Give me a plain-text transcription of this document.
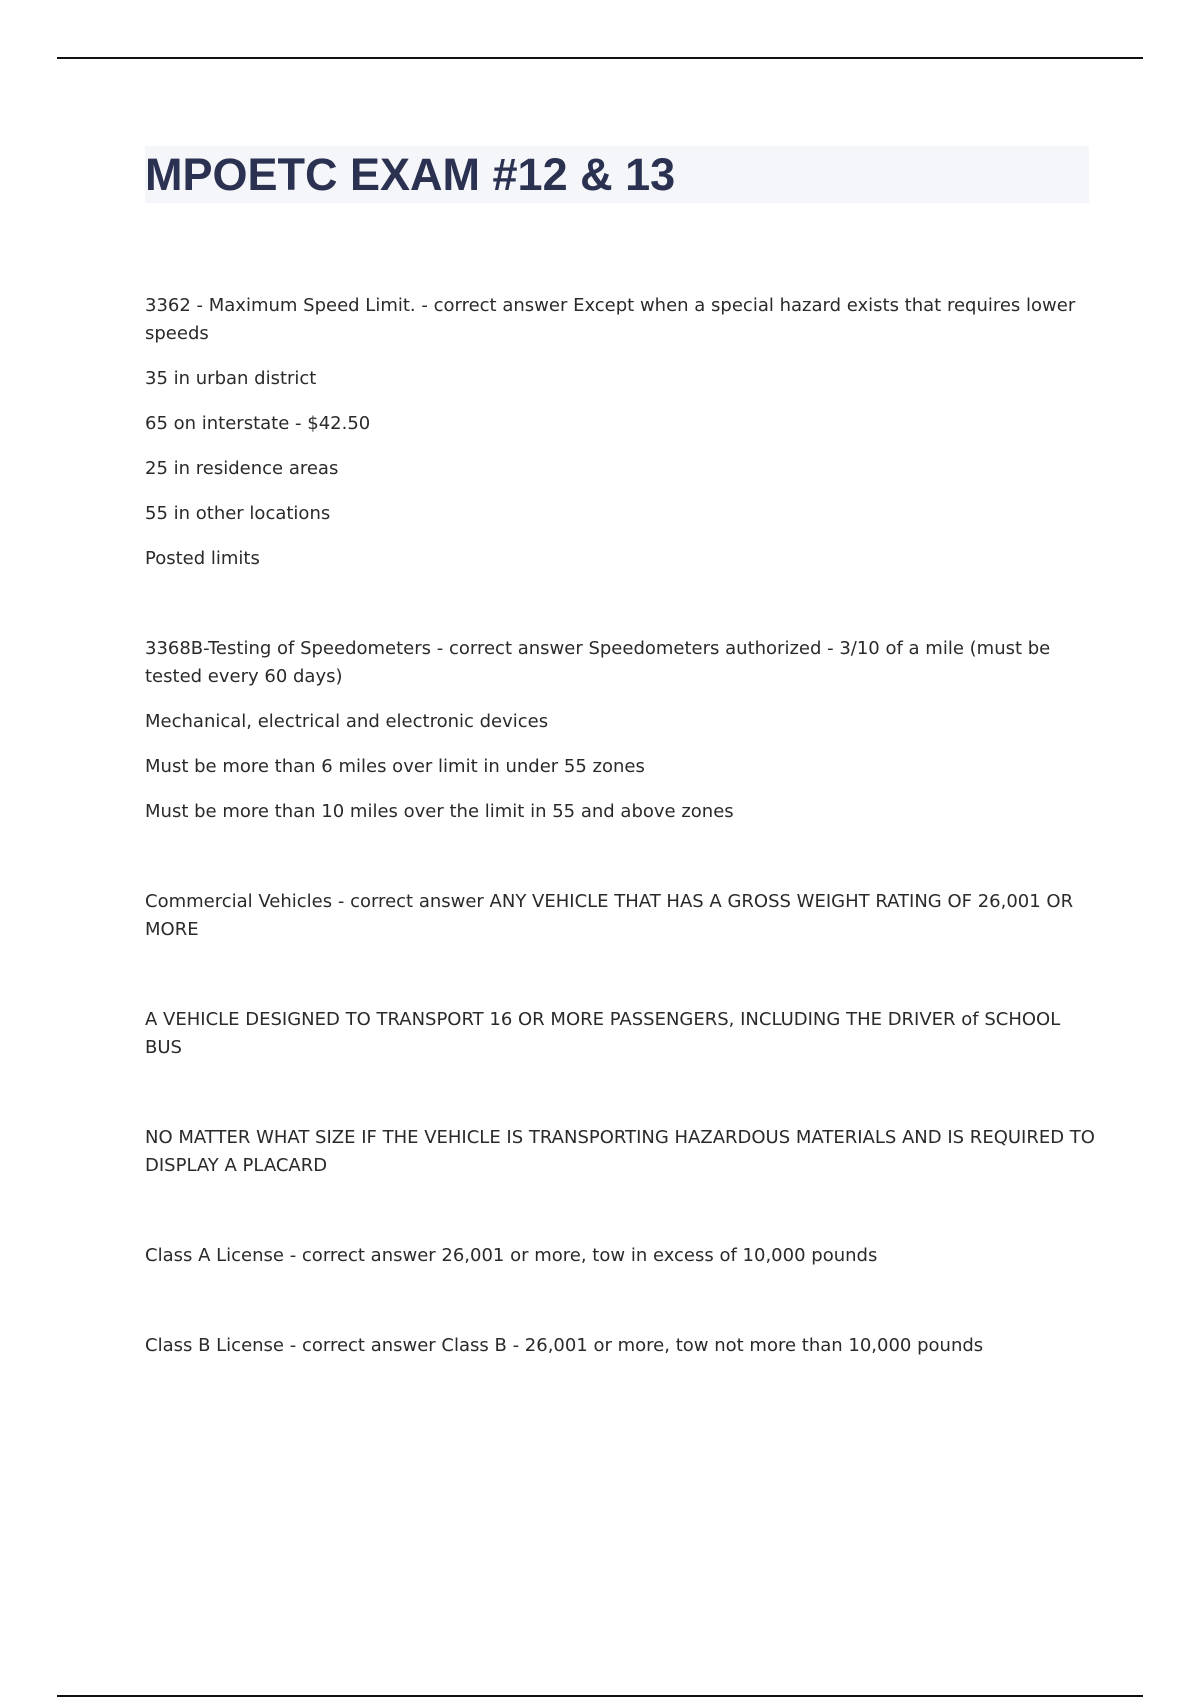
MPOETC EXAM #12 & 13

3362 - Maximum Speed Limit. - correct answer Except when a special hazard exists that requires lower speeds

35 in urban district

65 on interstate - $42.50

25 in residence areas

55 in other locations

Posted limits

3368B-Testing of Speedometers - correct answer Speedometers authorized - 3/10 of a mile (must be tested every 60 days)

Mechanical, electrical and electronic devices

Must be more than 6 miles over limit in under 55 zones

Must be more than 10 miles over the limit in 55 and above zones

Commercial Vehicles - correct answer ANY VEHICLE THAT HAS A GROSS WEIGHT RATING OF 26,001 OR MORE

A VEHICLE DESIGNED TO TRANSPORT 16 OR MORE PASSENGERS, INCLUDING THE DRIVER of SCHOOL BUS

NO MATTER WHAT SIZE IF THE VEHICLE IS TRANSPORTING HAZARDOUS MATERIALS AND IS REQUIRED TO DISPLAY A PLACARD

Class A License - correct answer 26,001 or more, tow in excess of 10,000 pounds

Class B License - correct answer Class B - 26,001 or more, tow not more than 10,000 pounds
